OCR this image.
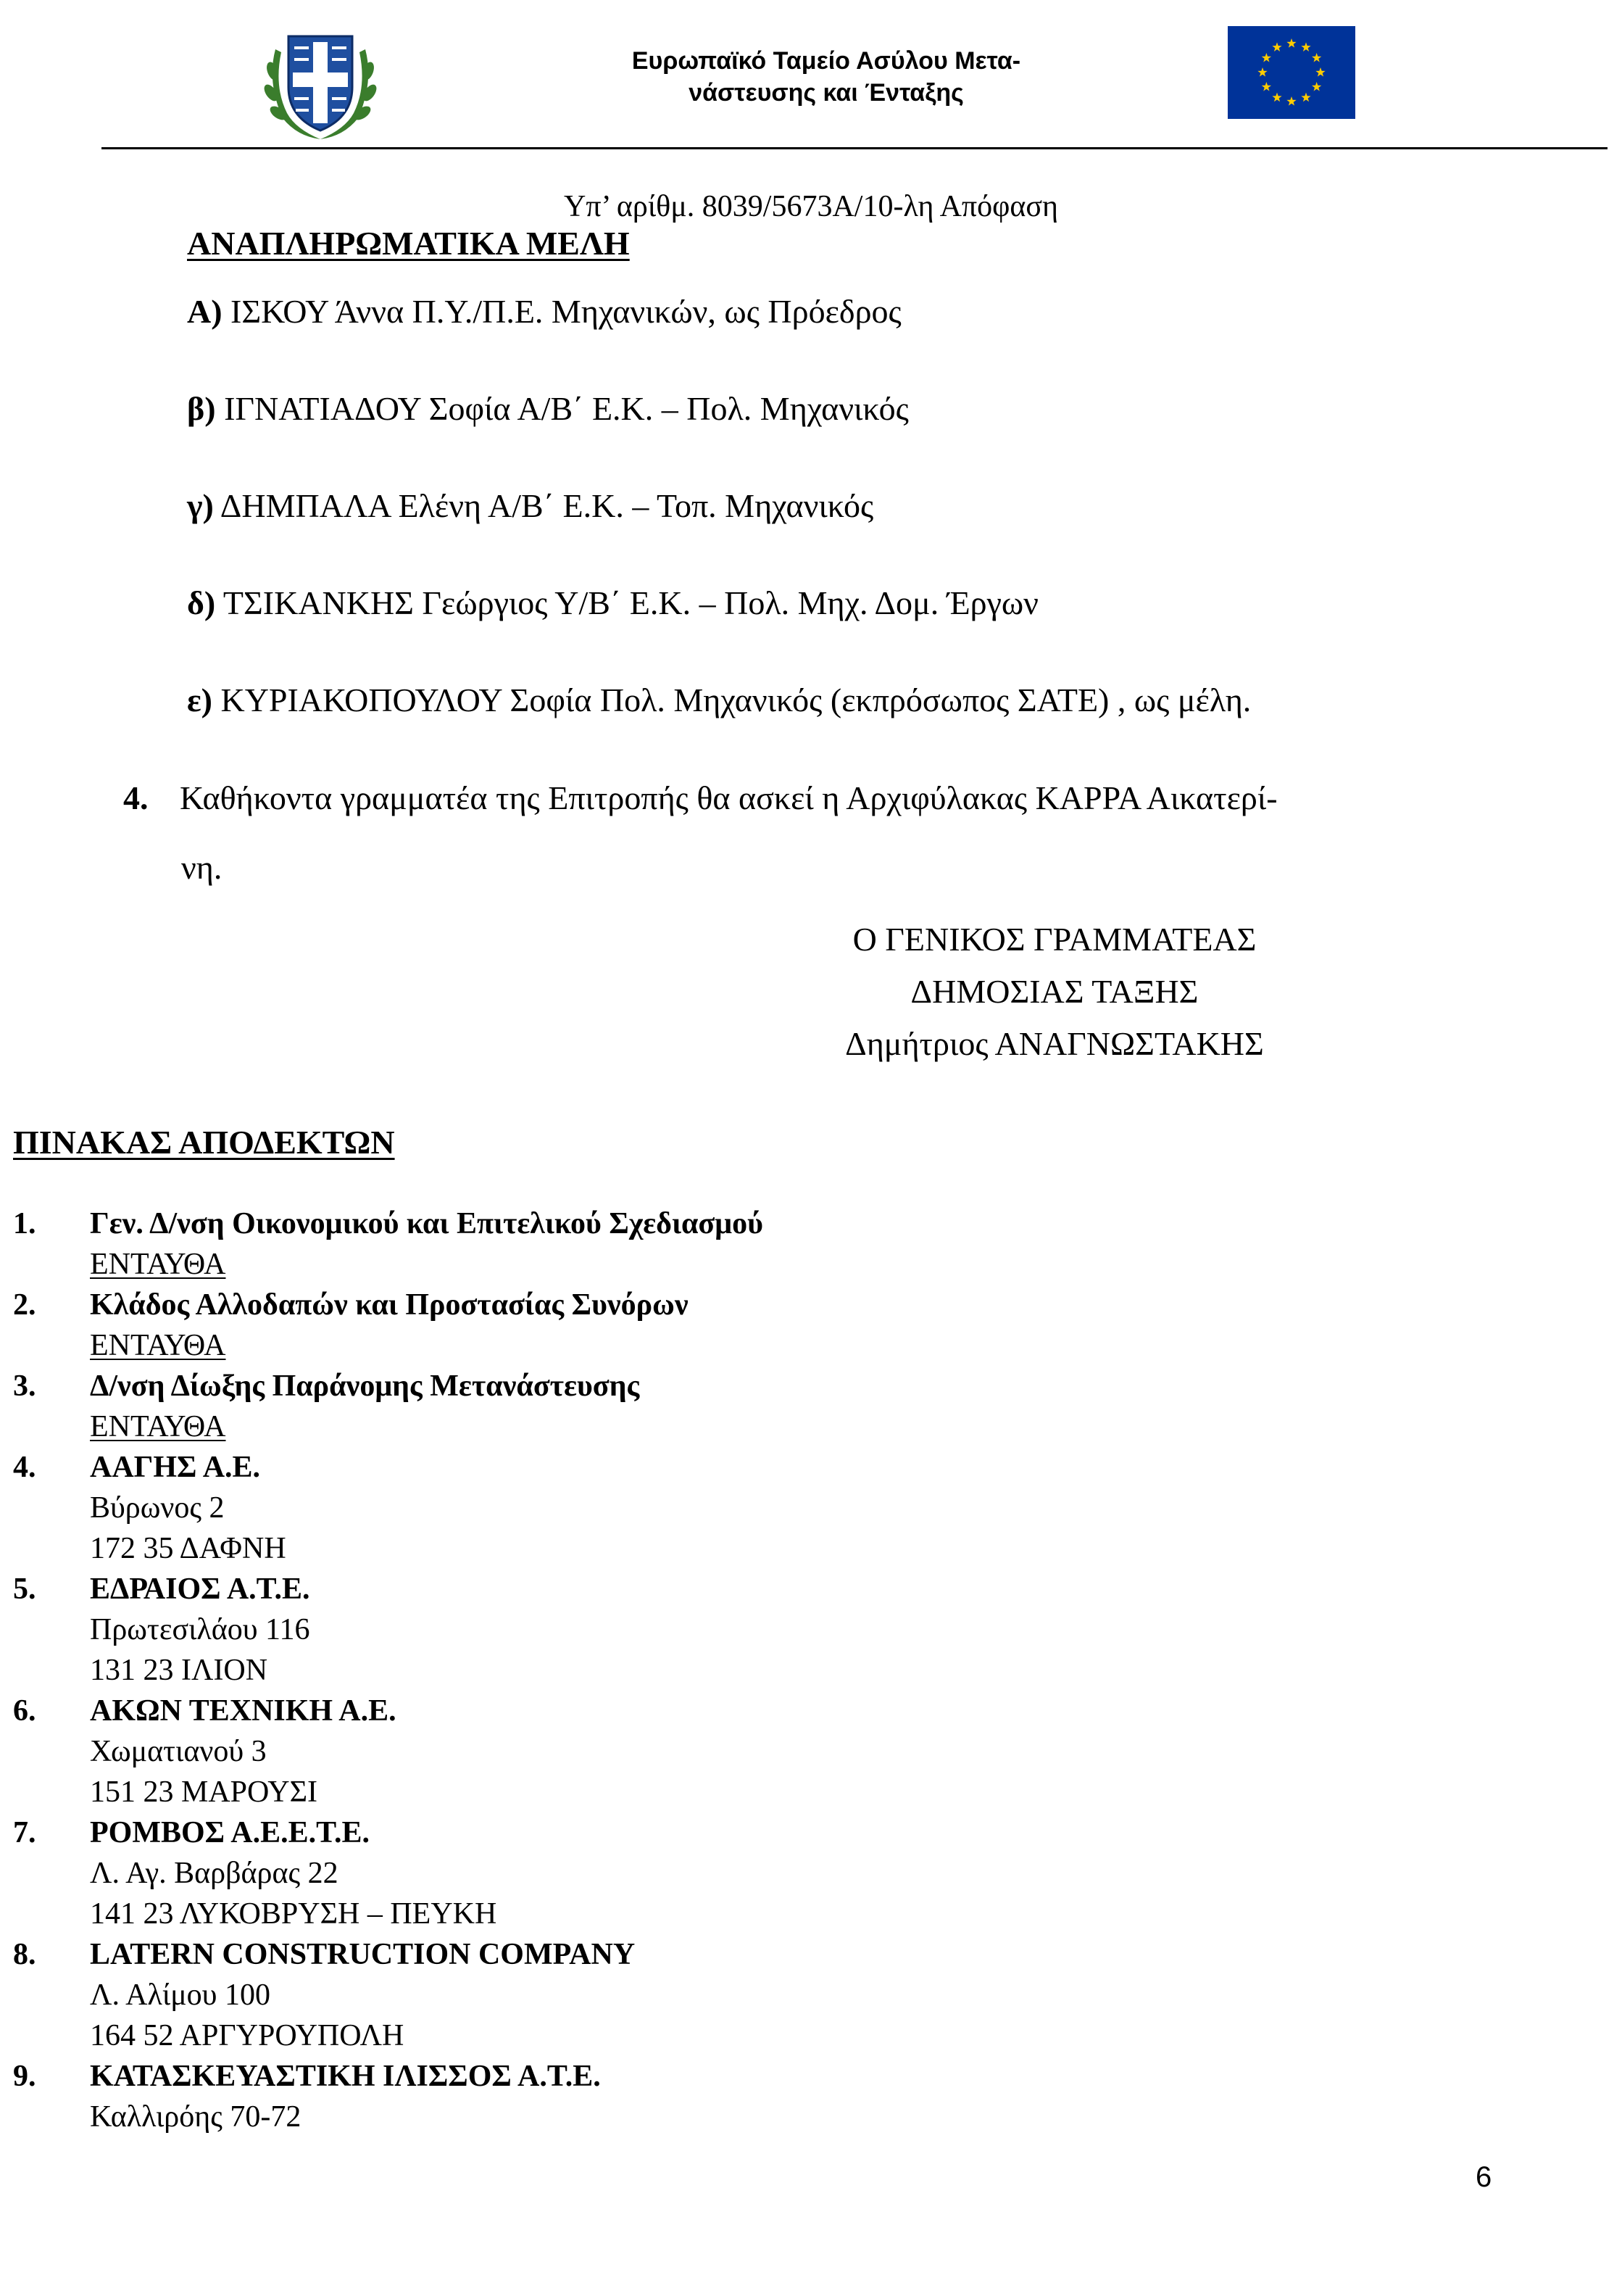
Ευρωπαϊκό Ταμείο Ασύλου Μετα-
νάστευσης και Ένταξης
Υπ’ αρίθμ. 8039/5673Α/10-λη Απόφαση
ΑΝΑΠΛΗΡΩΜΑΤΙΚΑ ΜΕΛΗ
Α) ΙΣΚΟΥ Άννα Π.Υ./Π.Ε. Μηχανικών, ως Πρόεδρος
β) ΙΓΝΑΤΙΑΔΟΥ Σοφία Α/Β΄ Ε.Κ. – Πολ. Μηχανικός
γ) ΔΗΜΠΑΛΑ Ελένη Α/Β΄ Ε.Κ. – Τοπ. Μηχανικός
δ) ΤΣΙΚΑΝΚΗΣ Γεώργιος Υ/Β΄ Ε.Κ. – Πολ. Μηχ. Δομ. Έργων
ε) ΚΥΡΙΑΚΟΠΟΥΛΟΥ Σοφία Πολ. Μηχανικός (εκπρόσωπος ΣΑΤΕ) , ως μέλη.
4. Καθήκοντα γραμματέα της Επιτροπής θα ασκεί η Αρχιφύλακας ΚΑΡΡΑ Αικατερί-
νη.
Ο ΓΕΝΙΚΟΣ ΓΡΑΜΜΑΤΕΑΣ
ΔΗΜΟΣΙΑΣ ΤΑΞΗΣ
Δημήτριος ΑΝΑΓΝΩΣΤΑΚΗΣ
ΠΙΝΑΚΑΣ ΑΠΟΔΕΚΤΩΝ
1. Γεν. Δ/νση Οικονομικού και Επιτελικού Σχεδιασμού
ΕΝΤΑΥΘΑ
2. Κλάδος Αλλοδαπών και Προστασίας Συνόρων
ΕΝΤΑΥΘΑ
3. Δ/νση Δίωξης Παράνομης Μετανάστευσης
ΕΝΤΑΥΘΑ
4. ΑΑΓΗΣ Α.Ε.
Βύρωνος 2
172 35 ΔΑΦΝΗ
5. ΕΔΡΑΙΟΣ Α.Τ.Ε.
Πρωτεσιλάου 116
131 23 ΙΛΙΟΝ
6. ΑΚΩΝ ΤΕΧΝΙΚΗ Α.Ε.
Χωματιανού 3
151 23 ΜΑΡΟΥΣΙ
7. ΡΟΜΒΟΣ Α.Ε.Ε.Τ.Ε.
Λ. Αγ. Βαρβάρας 22
141 23 ΛΥΚΟΒΡΥΣΗ – ΠΕΥΚΗ
8. LATERN CONSTRUCTION COMPANY
Λ. Αλίμου 100
164 52 ΑΡΓΥΡΟΥΠΟΛΗ
9. ΚΑΤΑΣΚΕΥΑΣΤΙΚΗ ΙΛΙΣΣΟΣ Α.Τ.Ε.
Καλλιρόης 70-72
6
